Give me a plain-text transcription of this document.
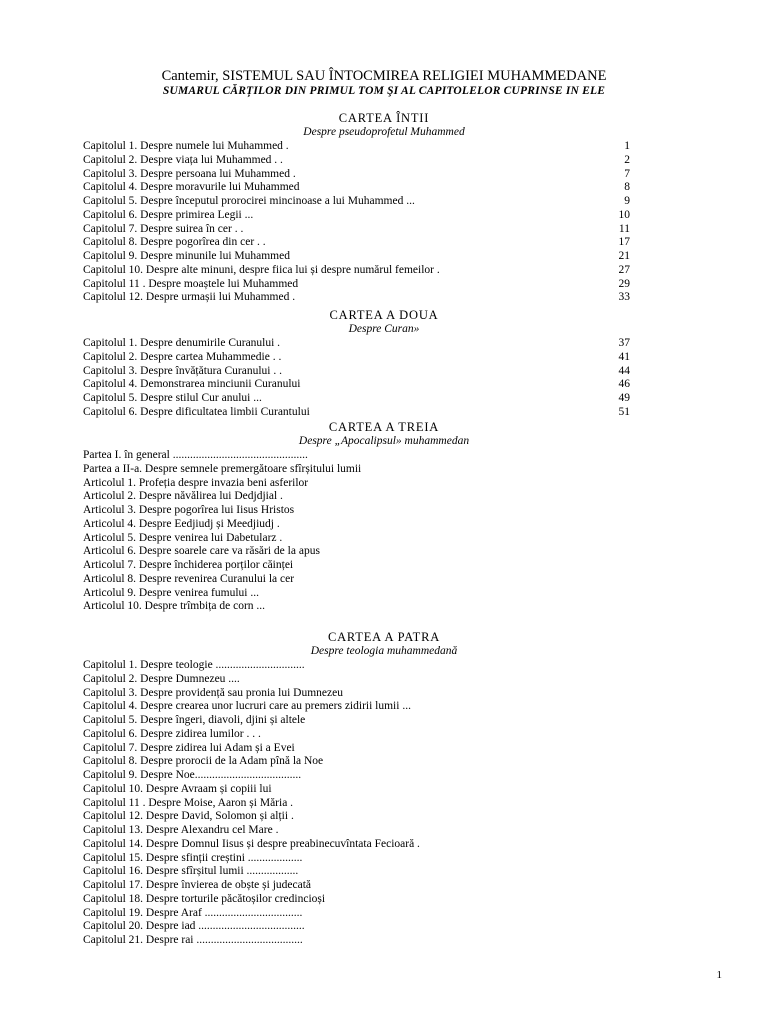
Cantemir, SISTEMUL SAU ÎNTOCMIREA RELIGIEI MUHAMMEDANE
SUMARUL CĂRȚILOR DIN PRIMUL TOM ŞI AL CAPITOLELOR CUPRINSE IN ELE
CARTEA ÎNTII
Despre pseudoprofetul Muhammed
Capitolul 1. Despre numele lui Muhammed .	1
Capitolul 2. Despre viața lui Muhammed . .	2
Capitolul 3. Despre persoana lui Muhammed .	7
Capitolul 4. Despre moravurile lui Muhammed	8
Capitolul 5. Despre începutul prorocirei mincinoase a lui Muhammed ...	9
Capitolul 6. Despre primirea Legii ...	10
Capitolul 7. Despre suirea în cer . .	11
Capitolul 8. Despre pogorîrea din cer . .	17
Capitolul 9. Despre minunile lui Muhammed	21
Capitolul 10. Despre alte minuni, despre fiica lui și despre numărul femeilor .	27
Capitolul 11 . Despre moaștele lui Muhammed	29
Capitolul 12. Despre urmașii lui Muhammed .	33
CARTEA A DOUA
Despre Curan»
Capitolul 1. Despre denumirile Curanului .	37
Capitolul 2. Despre cartea Muhammedie . .	41
Capitolul 3. Despre învățătura Curanului . .	44
Capitolul 4. Demonstrarea minciunii Curanului	46
Capitolul 5. Despre stilul Cur anului ...	49
Capitolul 6. Despre dificultatea limbii Curantului	51
CARTEA A TREIA
Despre „Apocalipsul» muhammedan
Partea I. în general ...............................................
Partea a II-a. Despre semnele premergătoare sfîrșitului lumii
Articolul 1. Profeția despre invazia beni asferilor
Articolul 2. Despre năvălirea lui Dedjdjial .
Articolul 3. Despre pogorîrea lui Iisus Hristos
Articolul 4. Despre Eedjiudj și Meedjiudj .
Articolul 5. Despre venirea lui Dabetularz .
Articolul 6. Despre soarele care va răsări de la apus
Articolul 7. Despre închiderea porților căinței
Articolul 8. Despre revenirea Curanului la cer
Articolul 9. Despre venirea fumului ...
Articolul 10. Despre trîmbița de corn ...
CARTEA A PATRA
Despre teologia muhammedană
Capitolul 1. Despre teologie ...............................
Capitolul 2. Despre Dumnezeu ....
Capitolul 3. Despre providență sau pronia lui Dumnezeu
Capitolul 4. Despre crearea unor lucruri care au premers zidirii lumii ...
Capitolul 5. Despre îngeri, diavoli, djini și altele
Capitolul 6. Despre zidirea lumilor . . .
Capitolul 7. Despre zidirea lui Adam și a Evei
Capitolul 8. Despre prorocii de la Adam pînă la Noe
Capitolul 9. Despre Noe.....................................
Capitolul 10. Despre Avraam și copiii lui
Capitolul 11 . Despre Moise, Aaron și Măria .
Capitolul 12. Despre David, Solomon și alții .
Capitolul 13. Despre Alexandru cel Mare .
Capitolul 14. Despre Domnul Iisus și despre preabinecuvîntata Fecioară .
Capitolul 15. Despre sfinții creștini ...................
Capitolul 16. Despre sfîrșitul lumii ..................
Capitolul 17. Despre învierea de obște și judecată
Capitolul 18. Despre torturile păcătoșilor credincioși
Capitolul 19. Despre Araf ..................................
Capitolul 20. Despre iad .....................................
Capitolul 21. Despre rai .....................................
1
